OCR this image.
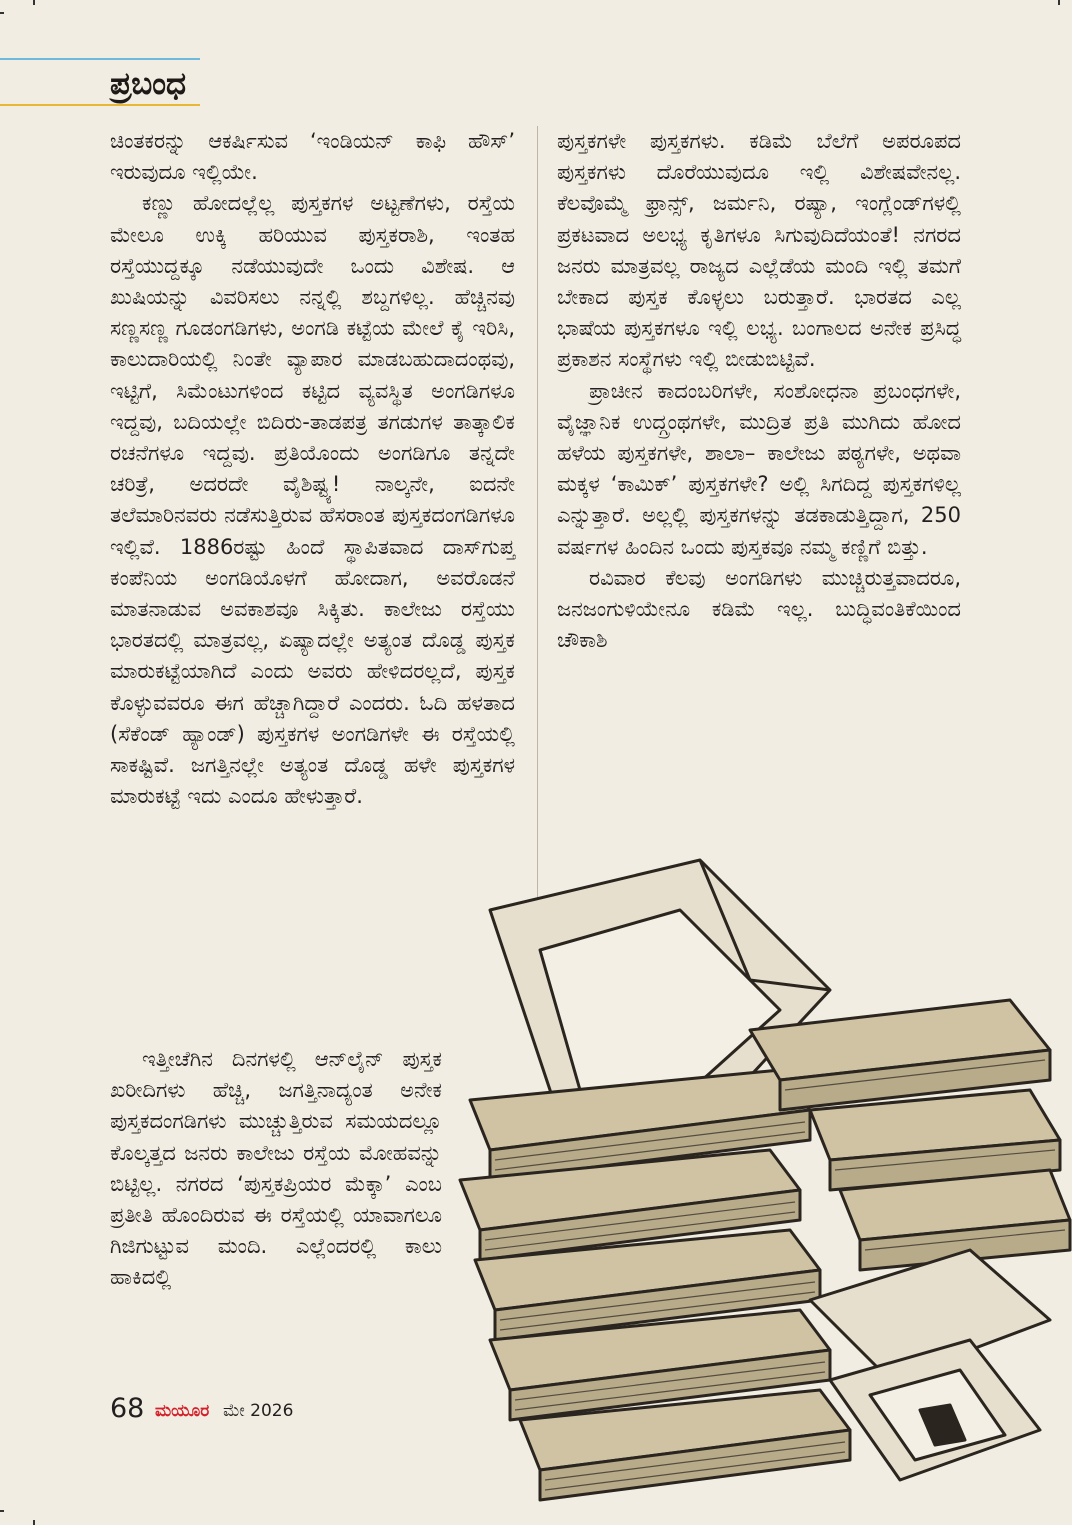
ಪ್ರಬಂಧ

ಚಿಂತಕರನ್ನು ಆಕರ್ಷಿಸುವ ‘ಇಂಡಿಯನ್ ಕಾಫಿ ಹೌಸ್’ ಇರುವುದೂ ಇಲ್ಲಿಯೇ.

ಕಣ್ಣು ಹೋದಲ್ಲೆಲ್ಲ ಪುಸ್ತಕಗಳ ಅಟ್ಟಣೆಗಳು, ರಸ್ತೆಯ ಮೇಲೂ ಉಕ್ಕಿ ಹರಿಯುವ ಪುಸ್ತಕರಾಶಿ, ಇಂತಹ ರಸ್ತೆಯುದ್ದಕ್ಕೂ ನಡೆಯುವುದೇ ಒಂದು ವಿಶೇಷ. ಆ ಖುಷಿಯನ್ನು ವಿವರಿಸಲು ನನ್ನಲ್ಲಿ ಶಬ್ದಗಳಿಲ್ಲ. ಹೆಚ್ಚಿನವು ಸಣ್ಣಸಣ್ಣ ಗೂಡಂಗಡಿಗಳು, ಅಂಗಡಿ ಕಟ್ಟೆಯ ಮೇಲೆ ಕೈ ಇರಿಸಿ, ಕಾಲುದಾರಿಯಲ್ಲಿ ನಿಂತೇ ವ್ಯಾಪಾರ ಮಾಡಬಹುದಾದಂಥವು, ಇಟ್ಟಿಗೆ, ಸಿಮೆಂಟುಗಳಿಂದ ಕಟ್ಟಿದ ವ್ಯವಸ್ಥಿತ ಅಂಗಡಿಗಳೂ ಇದ್ದವು, ಬದಿಯಲ್ಲೇ ಬಿದಿರು-ತಾಡಪತ್ರ ತಗಡುಗಳ ತಾತ್ಕಾಲಿಕ ರಚನೆಗಳೂ ಇದ್ದವು. ಪ್ರತಿಯೊಂದು ಅಂಗಡಿಗೂ ತನ್ನದೇ ಚರಿತ್ರೆ, ಅದರದೇ ವೈಶಿಷ್ಟ್ಯ! ನಾಲ್ಕನೇ, ಐದನೇ ತಲೆಮಾರಿನವರು ನಡೆಸುತ್ತಿರುವ ಹೆಸರಾಂತ ಪುಸ್ತಕದಂಗಡಿಗಳೂ ಇಲ್ಲಿವೆ. 1886ರಷ್ಟು ಹಿಂದೆ ಸ್ಥಾಪಿತವಾದ ದಾಸ್‌ಗುಪ್ತ ಕಂಪೆನಿಯ ಅಂಗಡಿಯೊಳಗೆ ಹೋದಾಗ, ಅವರೊಡನೆ ಮಾತನಾಡುವ ಅವಕಾಶವೂ ಸಿಕ್ಕಿತು. ಕಾಲೇಜು ರಸ್ತೆಯು ಭಾರತದಲ್ಲಿ ಮಾತ್ರವಲ್ಲ, ಏಷ್ಯಾದಲ್ಲೇ ಅತ್ಯಂತ ದೊಡ್ಡ ಪುಸ್ತಕ ಮಾರುಕಟ್ಟೆಯಾಗಿದೆ ಎಂದು ಅವರು ಹೇಳಿದರಲ್ಲದೆ, ಪುಸ್ತಕ ಕೊಳ್ಳುವವರೂ ಈಗ ಹೆಚ್ಚಾಗಿದ್ದಾರೆ ಎಂದರು. ಓದಿ ಹಳತಾದ (ಸೆಕೆಂಡ್ ಹ್ಯಾಂಡ್) ಪುಸ್ತಕಗಳ ಅಂಗಡಿಗಳೇ ಈ ರಸ್ತೆಯಲ್ಲಿ ಸಾಕಷ್ಟಿವೆ. ಜಗತ್ತಿನಲ್ಲೇ ಅತ್ಯಂತ ದೊಡ್ಡ ಹಳೇ ಪುಸ್ತಕಗಳ ಮಾರುಕಟ್ಟೆ ಇದು ಎಂದೂ ಹೇಳುತ್ತಾರೆ.

ಇತ್ತೀಚೆಗಿನ ದಿನಗಳಲ್ಲಿ ಆನ್‌ಲೈನ್ ಪುಸ್ತಕ ಖರೀದಿಗಳು ಹೆಚ್ಚಿ, ಜಗತ್ತಿನಾದ್ಯಂತ ಅನೇಕ ಪುಸ್ತಕದಂಗಡಿಗಳು ಮುಚ್ಚುತ್ತಿರುವ ಸಮಯದಲ್ಲೂ ಕೊಲ್ಕತ್ತದ ಜನರು ಕಾಲೇಜು ರಸ್ತೆಯ ಮೋಹವನ್ನು ಬಿಟ್ಟಿಲ್ಲ. ನಗರದ ‘ಪುಸ್ತಕಪ್ರಿಯರ ಮೆಕ್ಕಾ’ ಎಂಬ ಪ್ರತೀತಿ ಹೊಂದಿರುವ ಈ ರಸ್ತೆಯಲ್ಲಿ ಯಾವಾಗಲೂ ಗಿಜಿಗುಟ್ಟುವ ಮಂದಿ. ಎಲ್ಲೆಂದರಲ್ಲಿ ಕಾಲು ಹಾಕಿದಲ್ಲಿ

ಪುಸ್ತಕಗಳೇ ಪುಸ್ತಕಗಳು. ಕಡಿಮೆ ಬೆಲೆಗೆ ಅಪರೂಪದ ಪುಸ್ತಕಗಳು ದೊರೆಯುವುದೂ ಇಲ್ಲಿ ವಿಶೇಷವೇನಲ್ಲ. ಕೆಲವೊಮ್ಮೆ ಫ್ರಾನ್ಸ್, ಜರ್ಮನಿ, ರಷ್ಯಾ, ಇಂಗ್ಲೆಂಡ್‌ಗಳಲ್ಲಿ ಪ್ರಕಟವಾದ ಅಲಭ್ಯ ಕೃತಿಗಳೂ ಸಿಗುವುದಿದೆಯಂತೆ! ನಗರದ ಜನರು ಮಾತ್ರವಲ್ಲ ರಾಜ್ಯದ ಎಲ್ಲೆಡೆಯ ಮಂದಿ ಇಲ್ಲಿ ತಮಗೆ ಬೇಕಾದ ಪುಸ್ತಕ ಕೊಳ್ಳಲು ಬರುತ್ತಾರೆ. ಭಾರತದ ಎಲ್ಲ ಭಾಷೆಯ ಪುಸ್ತಕಗಳೂ ಇಲ್ಲಿ ಲಭ್ಯ. ಬಂಗಾಲದ ಅನೇಕ ಪ್ರಸಿದ್ಧ ಪ್ರಕಾಶನ ಸಂಸ್ಥೆಗಳು ಇಲ್ಲಿ ಬೀಡುಬಿಟ್ಟಿವೆ.

ಪ್ರಾಚೀನ ಕಾದಂಬರಿಗಳೇ, ಸಂಶೋಧನಾ ಪ್ರಬಂಧಗಳೇ, ವೈಜ್ಞಾನಿಕ ಉದ್ಗ್ರಂಥಗಳೇ, ಮುದ್ರಿತ ಪ್ರತಿ ಮುಗಿದು ಹೋದ ಹಳೆಯ ಪುಸ್ತಕಗಳೇ, ಶಾಲಾ– ಕಾಲೇಜು ಪಠ್ಯಗಳೇ, ಅಥವಾ ಮಕ್ಕಳ ‘ಕಾಮಿಕ್’ ಪುಸ್ತಕಗಳೇ? ಅಲ್ಲಿ ಸಿಗದಿದ್ದ ಪುಸ್ತಕಗಳಿಲ್ಲ ಎನ್ನುತ್ತಾರೆ. ಅಲ್ಲಲ್ಲಿ ಪುಸ್ತಕಗಳನ್ನು ತಡಕಾಡುತ್ತಿದ್ದಾಗ, 250 ವರ್ಷಗಳ ಹಿಂದಿನ ಒಂದು ಪುಸ್ತಕವೂ ನಮ್ಮ ಕಣ್ಣಿಗೆ ಬಿತ್ತು.

ರವಿವಾರ ಕೆಲವು ಅಂಗಡಿಗಳು ಮುಚ್ಚಿರುತ್ತವಾದರೂ, ಜನಜಂಗುಳಿಯೇನೂ ಕಡಿಮೆ ಇಲ್ಲ. ಬುದ್ಧಿವಂತಿಕೆಯಿಂದ ಚೌಕಾಶಿ

68 ಮಯೂರ ಮೇ 2026
